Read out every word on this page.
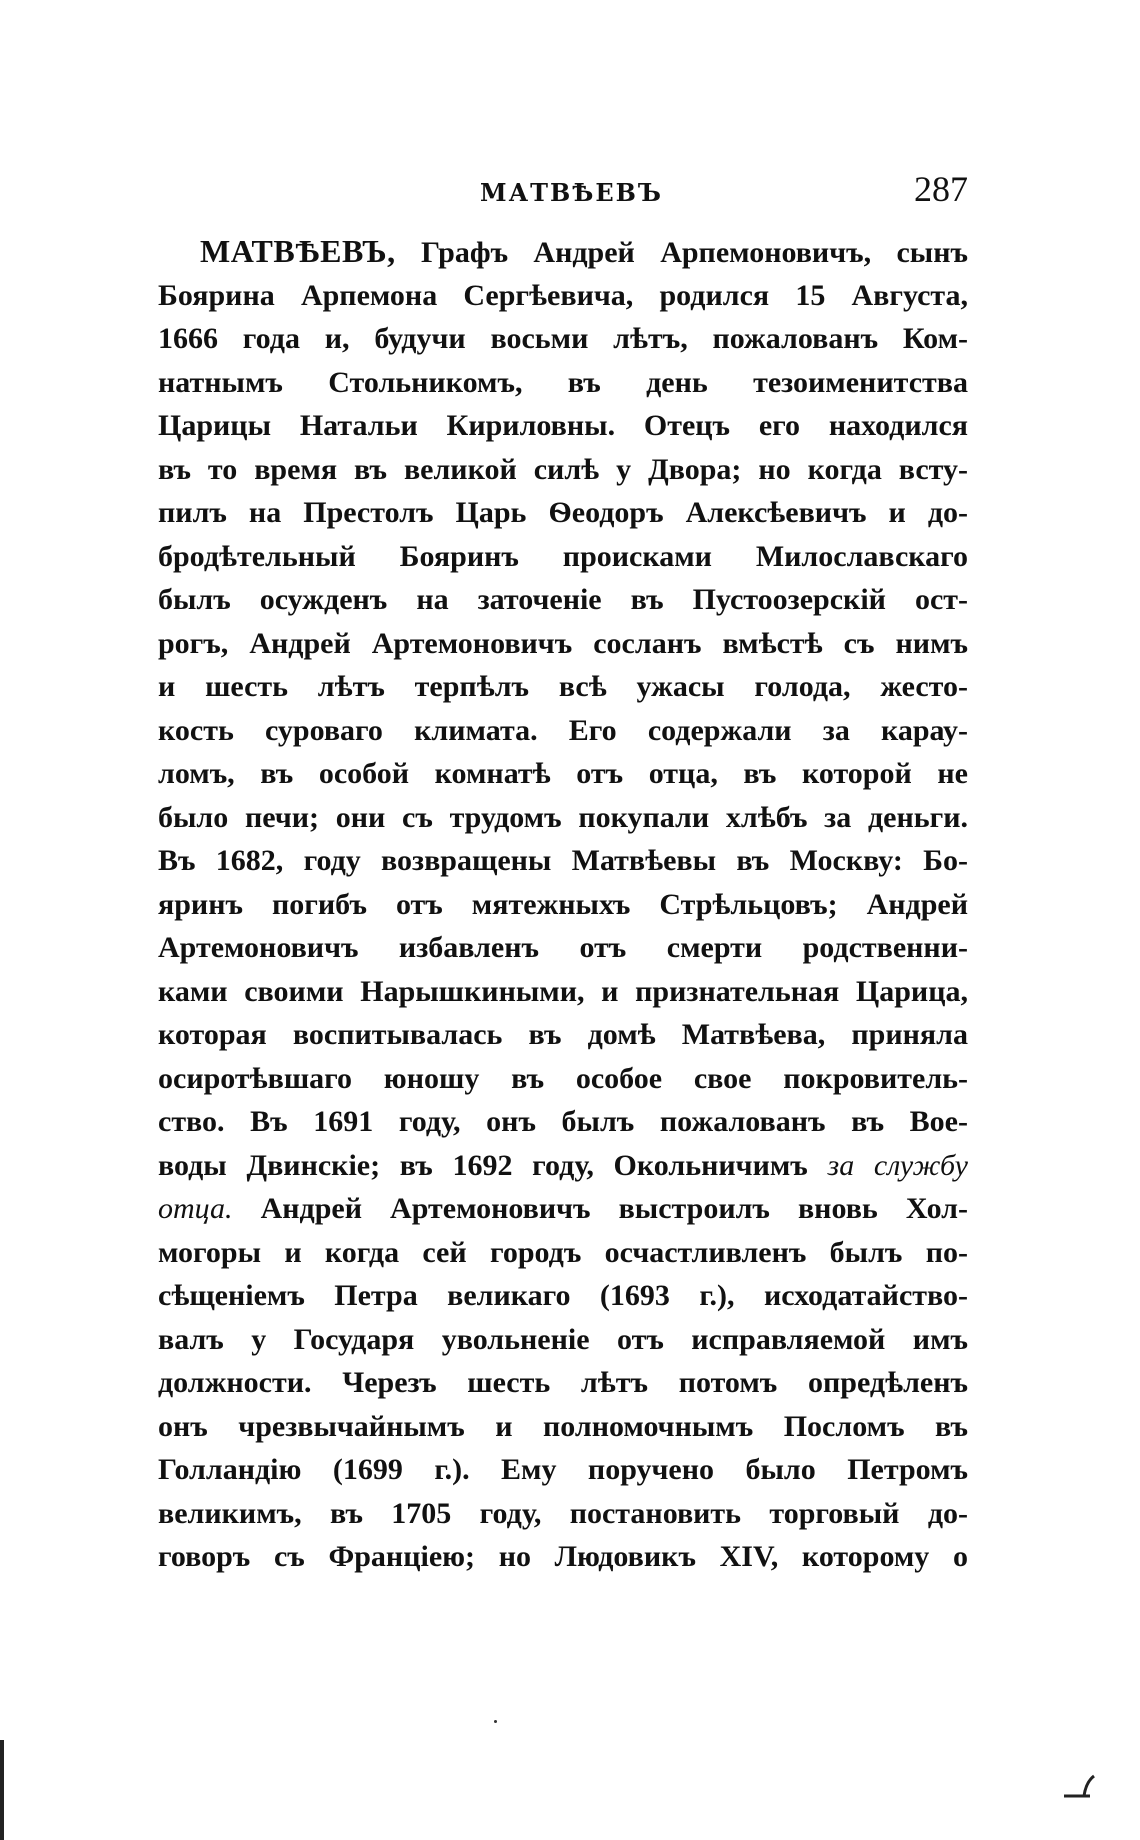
МАТВѢЕВЪ	287
МАТВѢЕВЪ, Графъ Андрей Арпемоновичъ, сынъ
Боярина Арпемона Сергѣевича, родился 15 Августа,
1666 года и, будучи восьми лѣтъ, пожалованъ Ком-
натнымъ Стольникомъ, въ день тезоименитства
Царицы Натальи Кириловны. Отецъ его находился
въ то время въ великой силѣ у Двора; но когда всту-
пилъ на Престолъ Царь Ѳеодоръ Алексѣевичъ и до-
бродѣтельный Бояринъ происками Милославскаго
былъ осужденъ на заточеніе въ Пустоозерскій ост-
рогъ, Андрей Артемоновичъ сосланъ вмѣстѣ съ нимъ
и шесть лѣтъ терпѣлъ всѣ ужасы голода, жесто-
кость суроваго климата. Его содержали за карау-
ломъ, въ особой комнатѣ отъ отца, въ которой не
было печи; они съ трудомъ покупали хлѣбъ за деньги.
Въ 1682, году возвращены Матвѣевы въ Москву: Бо-
яринъ погибъ отъ мятежныхъ Стрѣльцовъ; Андрей
Артемоновичъ избавленъ отъ смерти родственни-
ками своими Нарышкиными, и признательная Царица,
которая воспитывалась въ домѣ Матвѣева, приняла
осиротѣвшаго юношу въ особое свое покровитель-
ство. Въ 1691 году, онъ былъ пожалованъ въ Вое-
воды Двинскіе; въ 1692 году, Окольничимъ за службу
отца. Андрей Артемоновичъ выстроилъ вновь Хол-
могоры и когда сей городъ осчастливленъ былъ по-
сѣщеніемъ Петра великаго (1693 г.), исходатайство-
валъ у Государя увольненіе отъ исправляемой имъ
должности. Черезъ шесть лѣтъ потомъ опредѣленъ
онъ чрезвычайнымъ и полномочнымъ Посломъ въ
Голландію (1699 г.). Ему поручено было Петромъ
великимъ, въ 1705 году, постановить торговый до-
говоръ съ Франціею; но Людовикъ XIV, которому о
